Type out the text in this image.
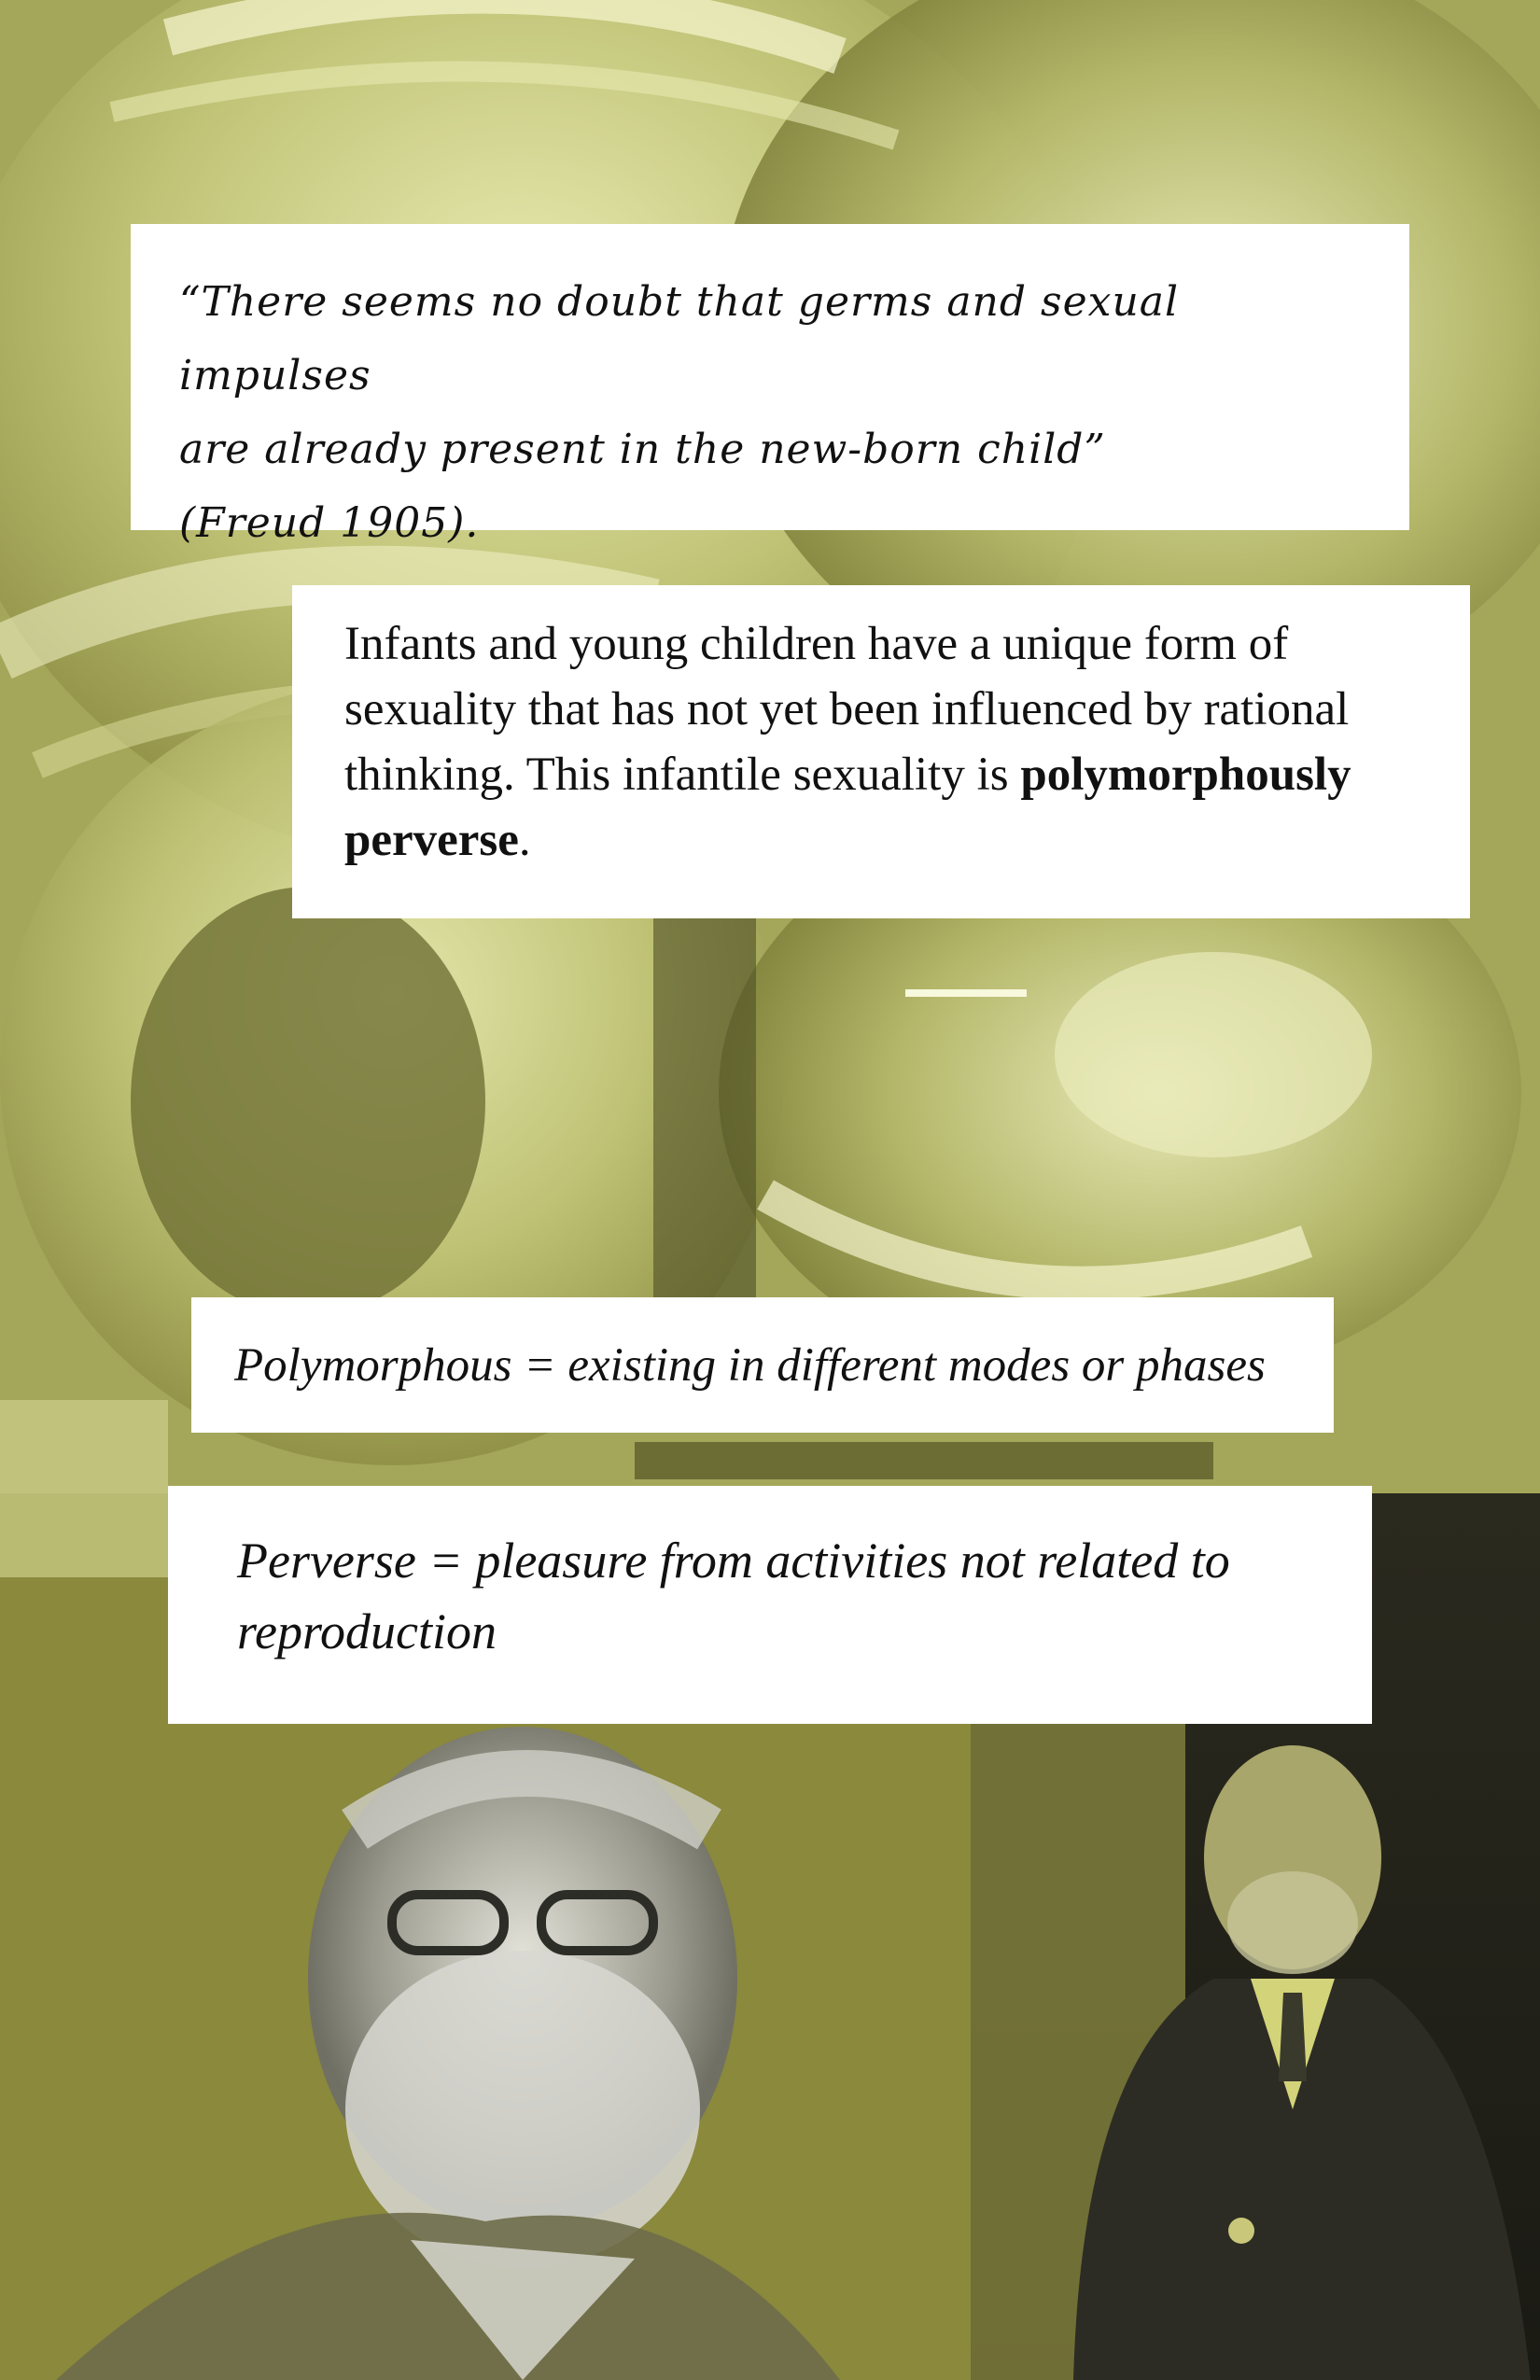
“There seems no doubt that germs and sexual impulses
are already present in the new-born child”
(Freud 1905).

Infants and young children have a unique form of sexuality that has not yet been influenced by rational thinking. This infantile sexuality is polymorphously perverse.

Polymorphous = existing in different modes or phases

Perverse = pleasure from activities not related to

reproduction
